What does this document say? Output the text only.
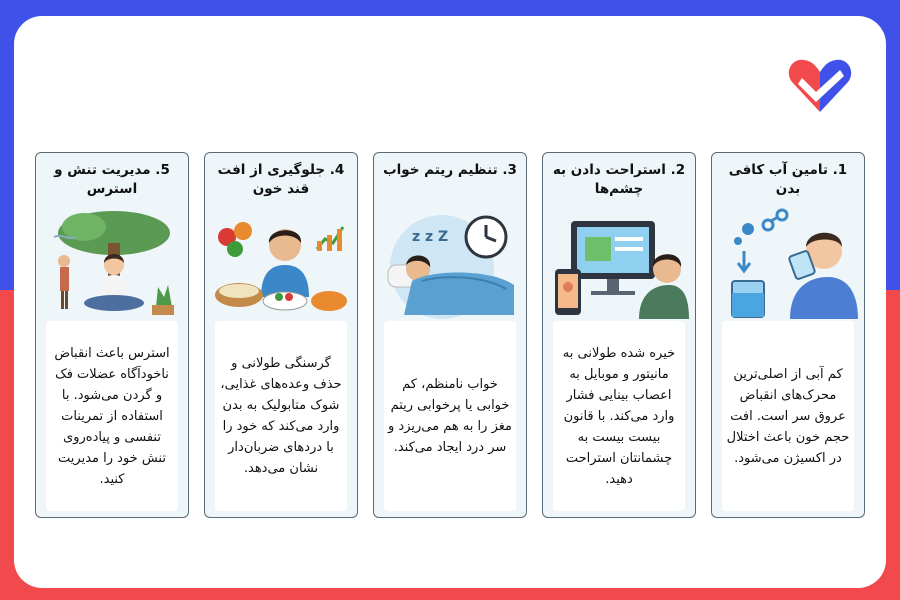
1. تامین آب کافی بدن
کم آبی از اصلی‌ترین محرک‌های انقباض عروق سر است. افت حجم خون باعث اختلال در اکسیژن می‌شود.
2. استراحت دادن به چشم‌ها
خیره شده طولانی به مانیتور و موبایل به اعصاب بینایی فشار وارد می‌کند. با قانون بیست بیست به چشمانتان استراحت دهید.
3. تنظیم ریتم خواب
z z Z
خواب نامنظم، کم خوابی یا پرخوابی ریتم مغز را به هم می‌ریزد و سر درد ایجاد می‌کند.
4. جلوگیری از افت قند خون
گرسنگی طولانی و حذف وعده‌های غذایی، شوک متابولیک به بدن وارد می‌کند که خود را با دردهای ضربان‌دار نشان می‌دهد.
5. مدیریت تنش و استرس
استرس باعث انقباض ناخودآگاه عضلات فک و گردن می‌شود. با استفاده از تمرینات تنفسی و پیاده‌روی تنش خود را مدیریت کنید.
